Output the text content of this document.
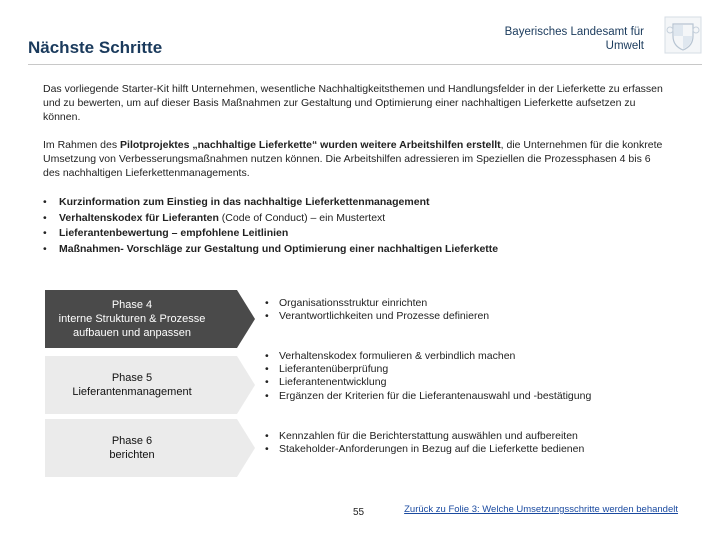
Nächste Schritte
Bayerisches Landesamt für
Umwelt
Das vorliegende Starter-Kit hilft Unternehmen, wesentliche Nachhaltigkeitsthemen und Handlungsfelder in der Lieferkette zu erfassen und zu bewerten, um auf dieser Basis Maßnahmen zur Gestaltung und Optimierung einer nachhaltigen Lieferkette aufsetzen zu können.
Im Rahmen des Pilotprojektes „nachhaltige Lieferkette“ wurden weitere Arbeitshilfen erstellt, die Unternehmen für die konkrete Umsetzung von Verbesserungsmaßnahmen nutzen können. Die Arbeitshilfen adressieren im Speziellen die Prozessphasen 4 bis 6 des nachhaltigen Lieferkettenmanagements.
• Kurzinformation zum Einstieg in das nachhaltige Lieferkettenmanagement
• Verhaltenskodex für Lieferanten (Code of Conduct) – ein Mustertext
• Lieferantenbewertung – empfohlene Leitlinien
• Maßnahmen- Vorschläge zur Gestaltung und Optimierung einer nachhaltigen Lieferkette
Phase 4
interne Strukturen & Prozesse aufbauen und anpassen
Phase 5
Lieferantenmanagement
Phase 6
berichten
• Organisationsstruktur einrichten
• Verantwortlichkeiten und Prozesse definieren
• Verhaltenskodex formulieren & verbindlich machen
• Lieferantenüberprüfung
• Lieferantenentwicklung
• Ergänzen der Kriterien für die Lieferantenauswahl und -bestätigung
• Kennzahlen für die Berichterstattung auswählen und aufbereiten
• Stakeholder-Anforderungen in Bezug auf die Lieferkette bedienen
55	Zurück zu Folie 3: Welche Umsetzungsschritte werden behandelt
